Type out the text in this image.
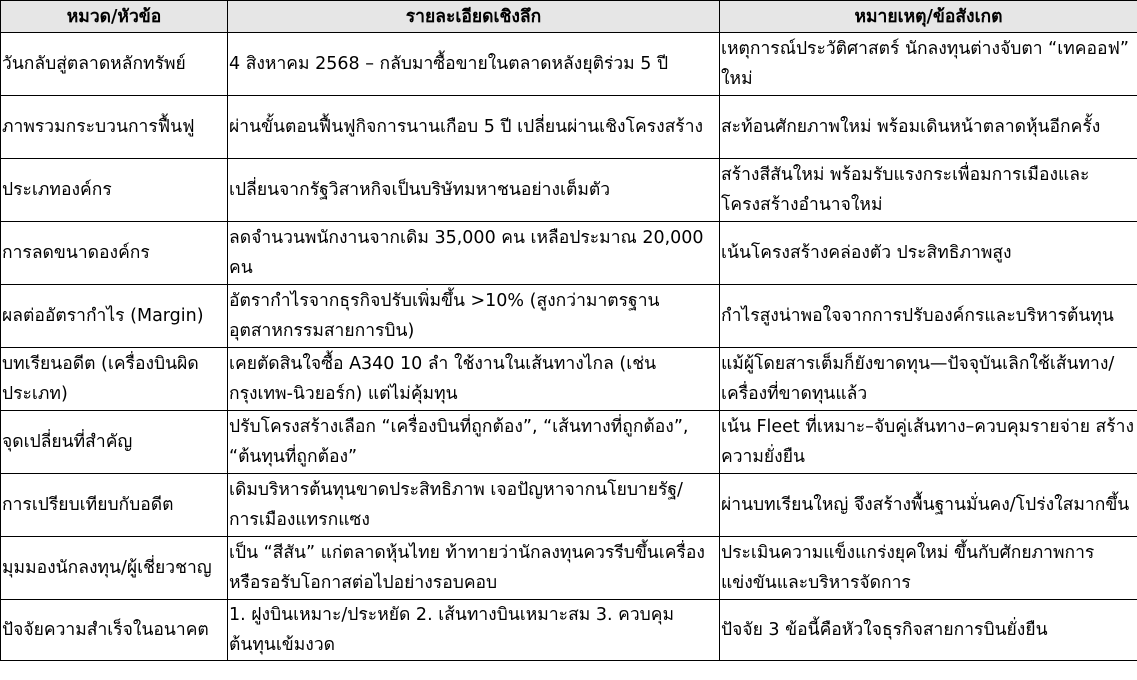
หมวด/หัวข้อ	รายละเอียดเชิงลึก	หมายเหตุ/ข้อสังเกต
วันกลับสู่ตลาดหลักทรัพย์	4 สิงหาคม 2568 – กลับมาซื้อขายในตลาดหลังยุติร่วม 5 ปี	เหตุการณ์ประวัติศาสตร์ นักลงทุนต่างจับตา “เทคออฟ” ใหม่
ภาพรวมกระบวนการฟื้นฟู	ผ่านขั้นตอนฟื้นฟูกิจการนานเกือบ 5 ปี เปลี่ยนผ่านเชิงโครงสร้าง	สะท้อนศักยภาพใหม่ พร้อมเดินหน้าตลาดหุ้นอีกครั้ง
ประเภทองค์กร	เปลี่ยนจากรัฐวิสาหกิจเป็นบริษัทมหาชนอย่างเต็มตัว	สร้างสีสันใหม่ พร้อมรับแรงกระเพื่อมการเมืองและโครงสร้างอำนาจใหม่
การลดขนาดองค์กร	ลดจำนวนพนักงานจากเดิม 35,000 คน เหลือประมาณ 20,000 คน	เน้นโครงสร้างคล่องตัว ประสิทธิภาพสูง
ผลต่ออัตรากำไร (Margin)	อัตรากำไรจากธุรกิจปรับเพิ่มขึ้น >10% (สูงกว่ามาตรฐานอุตสาหกรรมสายการบิน)	กำไรสูงน่าพอใจจากการปรับองค์กรและบริหารต้นทุน
บทเรียนอดีต (เครื่องบินผิดประเภท)	เคยตัดสินใจซื้อ A340 10 ลำ ใช้งานในเส้นทางไกล (เช่น กรุงเทพ-นิวยอร์ก) แต่ไม่คุ้มทุน	แม้ผู้โดยสารเต็มก็ยังขาดทุน—ปัจจุบันเลิกใช้เส้นทาง/เครื่องที่ขาดทุนแล้ว
จุดเปลี่ยนที่สำคัญ	ปรับโครงสร้างเลือก “เครื่องบินที่ถูกต้อง”, “เส้นทางที่ถูกต้อง”, “ต้นทุนที่ถูกต้อง”	เน้น Fleet ที่เหมาะ–จับคู่เส้นทาง–ควบคุมรายจ่าย สร้างความยั่งยืน
การเปรียบเทียบกับอดีต	เดิมบริหารต้นทุนขาดประสิทธิภาพ เจอปัญหาจากนโยบายรัฐ/การเมืองแทรกแซง	ผ่านบทเรียนใหญ่ จึงสร้างพื้นฐานมั่นคง/โปร่งใสมากขึ้น
มุมมองนักลงทุน/ผู้เชี่ยวชาญ	เป็น “สีสัน” แก่ตลาดหุ้นไทย ท้าทายว่านักลงทุนควรรีบขึ้นเครื่อง หรือรอรับโอกาสต่อไปอย่างรอบคอบ	ประเมินความแข็งแกร่งยุคใหม่ ขึ้นกับศักยภาพการแข่งขันและบริหารจัดการ
ปัจจัยความสำเร็จในอนาคต	1. ฝูงบินเหมาะ/ประหยัด 2. เส้นทางบินเหมาะสม 3. ควบคุมต้นทุนเข้มงวด	ปัจจัย 3 ข้อนี้คือหัวใจธุรกิจสายการบินยั่งยืน
